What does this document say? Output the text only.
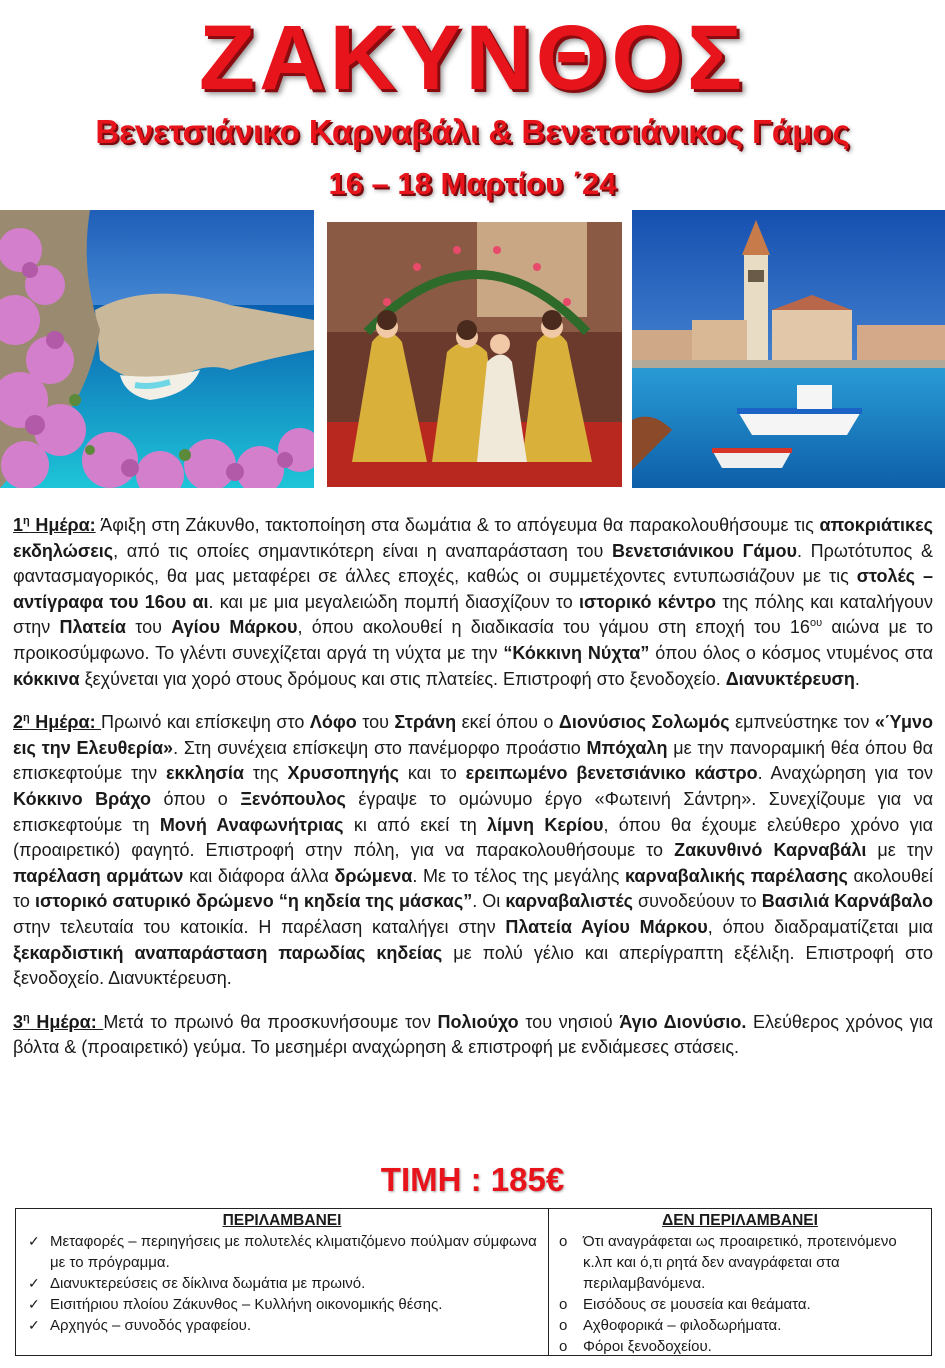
ΖΑΚΥΝΘΟΣ
Βενετσιάνικο Καρναβάλι & Βενετσιάνικος Γάμος
16 – 18 Μαρτίου ΄24

$1^\eta$ Ημέρα: Άφιξη στη Ζάκυνθο, τακτοποίηση στα δωμάτια & το απόγευμα θα παρακολουθήσουμε τις αποκριάτικες εκδηλώσεις, από τις οποίες σημαντικότερη είναι η αναπαράσταση του Βενετσιάνικου Γάμου. Πρωτότυπος & φαντασμαγορικός, θα μας μεταφέρει σε άλλες εποχές, καθώς οι συμμετέχοντες εντυπωσιάζουν με τις στολές – αντίγραφα του 16ου αι. και με μια μεγαλειώδη πομπή διασχίζουν το ιστορικό κέντρο της πόλης και καταλήγουν στην Πλατεία του Αγίου Μάρκου, όπου ακολουθεί η διαδικασία του γάμου στη εποχή του $16^{o\upsilon}$ αιώνα με το προικοσύμφωνο. Το γλέντι συνεχίζεται αργά τη νύχτα με την “Κόκκινη Νύχτα” όπου όλος ο κόσμος ντυμένος στα κόκκινα ξεχύνεται για χορό στους δρόμους και στις πλατείες. Επιστροφή στο ξενοδοχείο. Διανυκτέρευση.

$2^\eta$ Ημέρα: Πρωινό και επίσκεψη στο Λόφο του Στράνη εκεί όπου ο Διονύσιος Σολωμός εμπνεύστηκε τον «Ύμνο εις την Ελευθερία». Στη συνέχεια επίσκεψη στο πανέμορφο προάστιο Μπόχαλη με την πανοραμική θέα όπου θα επισκεφτούμε την εκκλησία της Χρυσοπηγής και το ερειπωμένο βενετσιάνικο κάστρο. Αναχώρηση για τον Κόκκινο Βράχο όπου ο Ξενόπουλος έγραψε το ομώνυμο έργο «Φωτεινή Σάντρη». Συνεχίζουμε για να επισκεφτούμε τη Μονή Αναφωνήτριας κι από εκεί τη λίμνη Κερίου, όπου θα έχουμε ελεύθερο χρόνο για (προαιρετικό) φαγητό. Επιστροφή στην πόλη, για να παρακολουθήσουμε το Ζακυνθινό Καρναβάλι με την παρέλαση αρμάτων και διάφορα άλλα δρώμενα. Με το τέλος της μεγάλης καρναβαλικής παρέλασης ακολουθεί το ιστορικό σατυρικό δρώμενο “η κηδεία της μάσκας”. Οι καρναβαλιστές συνοδεύουν το Βασιλιά Καρνάβαλο στην τελευταία του κατοικία. Η παρέλαση καταλήγει στην Πλατεία Αγίου Μάρκου, όπου διαδραματίζεται μια ξεκαρδιστική αναπαράσταση παρωδίας κηδείας με πολύ γέλιο και απερίγραπτη εξέλιξη. Επιστροφή στο ξενοδοχείο. Διανυκτέρευση.

$3^\eta$ Ημέρα: Μετά το πρωινό θα προσκυνήσουμε τον Πολιούχο του νησιού Άγιο Διονύσιο. Ελεύθερος χρόνος για βόλτα & (προαιρετικό) γεύμα. Το μεσημέρι αναχώρηση & επιστροφή με ενδιάμεσες στάσεις.

ΤΙΜΗ : 185€
ΠΕΡΙΛΑΜΒΑΝΕΙ
✓ Μεταφορές – περιηγήσεις με πολυτελές κλιματιζόμενο πούλμαν σύμφωνα με το πρόγραμμα.
✓ Διανυκτερεύσεις σε δίκλινα δωμάτια με πρωινό.
✓ Εισιτήριου πλοίου Ζάκυνθος – Κυλλήνη οικονομικής θέσης.
✓ Αρχηγός – συνοδός γραφείου.
ΔΕΝ ΠΕΡΙΛΑΜΒΑΝΕΙ
o Ότι αναγράφεται ως προαιρετικό, προτεινόμενο κ.λπ και ό,τι ρητά δεν αναγράφεται στα περιλαμβανόμενα.
o Εισόδους σε μουσεία και θεάματα.
o Αχθοφορικά – φιλοδωρήματα.
o Φόροι ξενοδοχείου.
